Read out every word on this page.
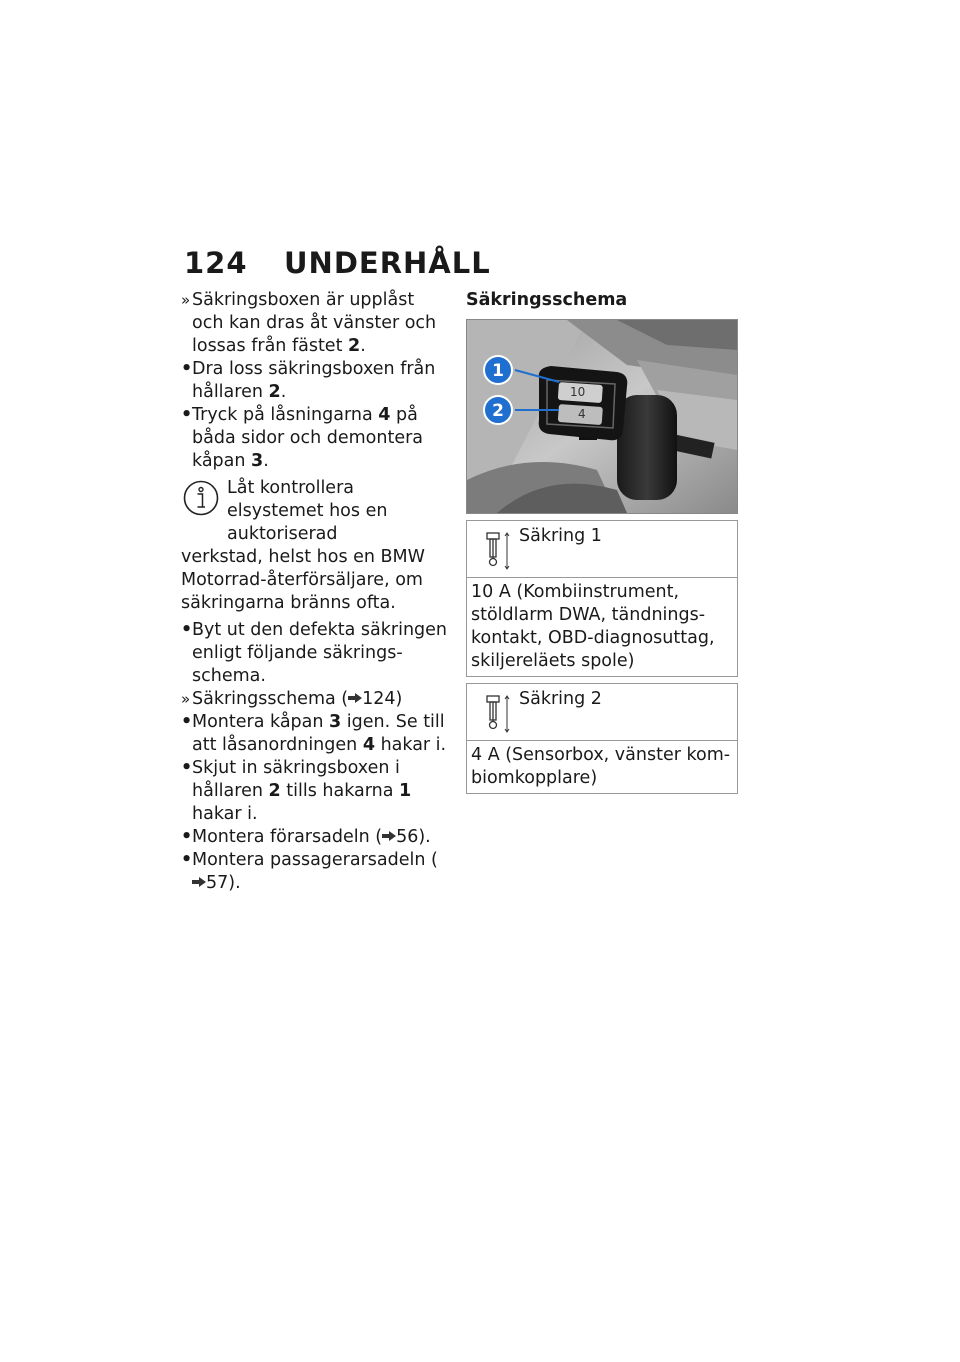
124	UNDERHÅLL
» Säkringsboxen är upplåst och kan dras åt vänster och lossas från fästet 2.
• Dra loss säkringsboxen från hållaren 2.
• Tryck på låsningarna 4 på båda sidor och demontera kåpan 3.
Låt kontrollera elsystemet hos en auktoriserad
verkstad, helst hos en BMW Motorrad-återförsäljare, om säkringarna bränns ofta.
• Byt ut den defekta säkringen enligt följande säkringsschema.
» Säkringsschema ( 124)
• Montera kåpan 3 igen. Se till att låsanordningen 4 hakar i.
• Skjut in säkringsboxen i hållaren 2 tills hakarna 1 hakar i.
• Montera förarsadeln ( 56).
• Montera passagerarsadeln (57).
Säkringsschema
10
4
1
2
Säkring 1
10 A (Kombiinstrument, stöldlarm DWA, tändningskontakt, OBD-diagnosuttag, skiljereläets spole)
Säkring 2
4 A (Sensorbox, vänster kombiomkopplare)
